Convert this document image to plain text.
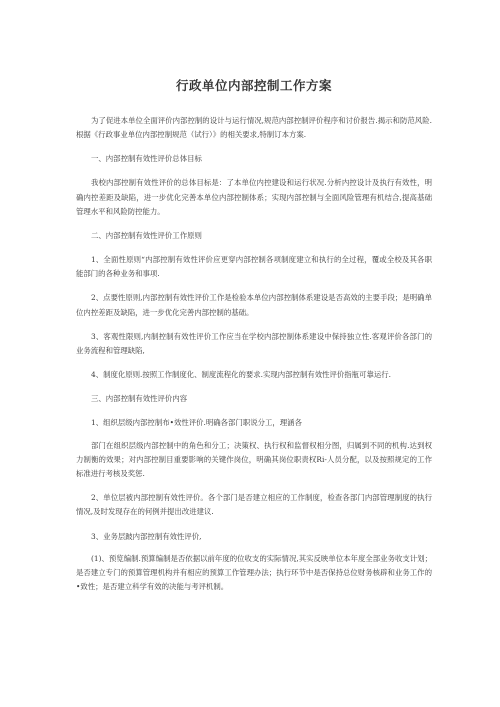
行政单位内部控制工作方案

为了促进本单位全面评价内部控制的设计与运行情况,规范内部控制评价程序和讨价报告.揭示和防范风险.根据《行政事业单位内部控制规范（试行）》的相关要求,特制订本方案.

一、内部控制有效性评价总体目标

我校内部控制有效性评价的总体目标是：了本单位内控建设和运行状况.分析内控设计及执行有效性，明确内控差距及缺陷，进一步优化完善本单位内部控制体系；实现内部控制与全面风险管理有机结合,提高基础管理水平和风险防控能力。

二、内部控制有效性评价工作原则

1、全面性原则“内部控制有效性评价应更穿内部控制各项制度建立和执行的全过程，覆或全校及其各职能部门的各种业务和事项.

2、点要性原则,内部控制有效性评价工作是检验本单位内部控制体系建设是否高效的主要手段；是明确单位内控差距及缺陷，进一步优化完善内部控制的基础。

3、客观性限则,内制控制有效性评价工作应当在学校内部控制体系建设中保持独立性.客观评价各部门的业务流程和管理缺陷,

4、制度化原则.按照工作制度化、制度流程化的要求.实现内部控制有效性评价指瓶可靠运行.

三、内部控制有效性评价内容

1、组织层级内部控制布•效性评价.明确各部门职说分工，理涵各

部门在组织层级内部控制中的角色和分工；决策权、执行权和监督权相分图，归属到不同的机构.达到权力制衡的效果；对内部控制目重要影响的关键作岗位，明确其岗位职责权Ri-人员分配，以及按照规定的工作标准进行考核及奖惩.

2、单位层被内部控制有效性评价。各个部门是否建立相应的工作制度，检查各部门内部管理制度的执行情况,及时发现存在的何例并提出改进建议.

3、业务层跛内部控制有效性评价,

(1)、预览编制.预算编制是否依据以前年度的位收支的实际情况,其实反映单位本年度全部业务收支计划；是否建立专门的预算管理机构并有相应的预算工作管理办法；执行环节中是否保持总位财务核辟和业务工作的•致性；是否建立科学有效的决能与考评机制。
